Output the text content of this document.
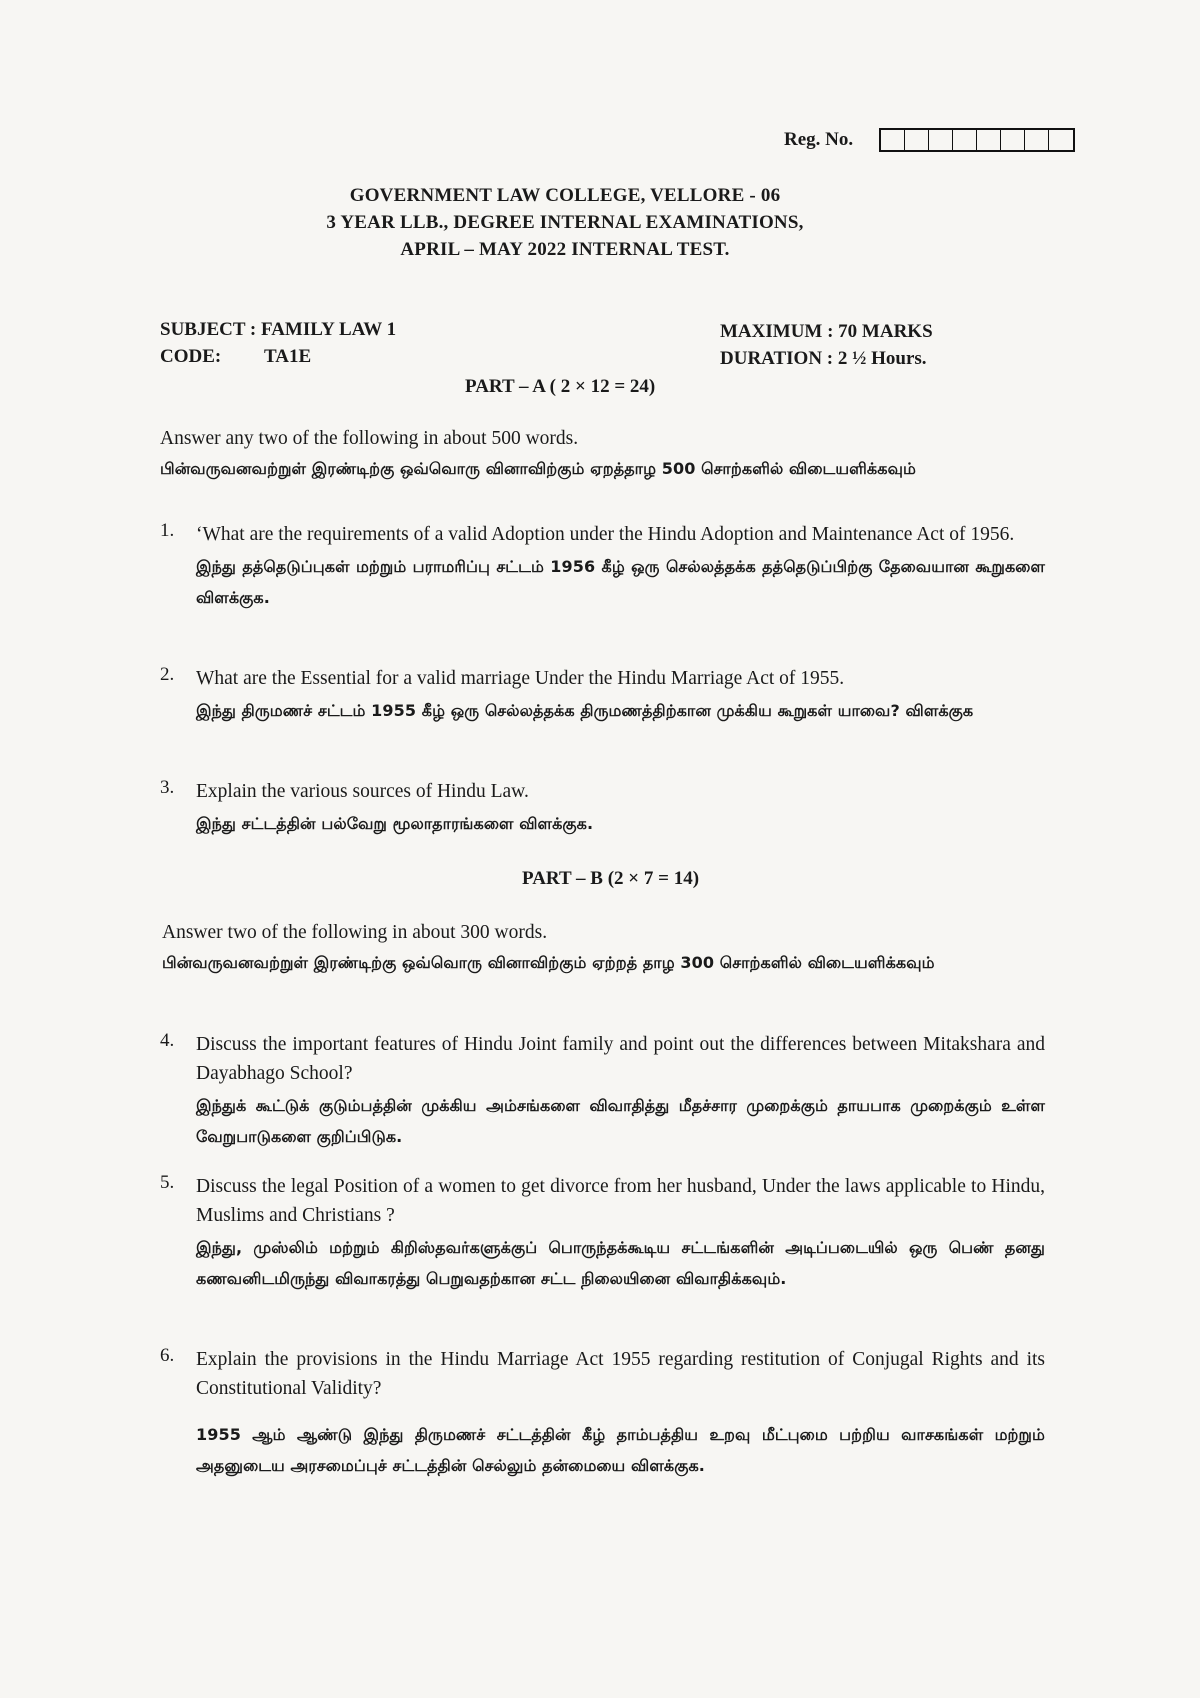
Reg. No.
GOVERNMENT LAW COLLEGE, VELLORE - 06
3 YEAR LLB., DEGREE INTERNAL EXAMINATIONS,
APRIL – MAY 2022 INTERNAL TEST.
SUBJECT : FAMILY LAW 1
CODE:	TA1E
MAXIMUM : 70 MARKS
DURATION : 2 ½ Hours.
PART – A ( 2 × 12 = 24)
Answer any two of the following in about 500 words.
பின்வருவனவற்றுள் இரண்டிற்கு ஒவ்வொரு வினாவிற்கும் ஏறத்தாழ 500 சொற்களில் விடையளிக்கவும்
1. ‘What are the requirements of a valid Adoption under the Hindu Adoption and Maintenance Act of 1956.
இந்து தத்தெடுப்புகள் மற்றும் பராமரிப்பு சட்டம் 1956 கீழ் ஒரு செல்லத்தக்க தத்தெடுப்பிற்கு தேவையான கூறுகளை விளக்குக.
2. What are the Essential for a valid marriage Under the Hindu Marriage Act of 1955.
இந்து திருமணச் சட்டம் 1955 கீழ் ஒரு செல்லத்தக்க திருமணத்திற்கான முக்கிய கூறுகள் யாவை? விளக்குக
3. Explain the various sources of Hindu Law.
இந்து சட்டத்தின் பல்வேறு மூலாதாரங்களை விளக்குக.
PART – B (2 × 7 = 14)
Answer two of the following in about 300 words.
பின்வருவனவற்றுள் இரண்டிற்கு ஒவ்வொரு வினாவிற்கும் ஏற்றத் தாழ 300 சொற்களில் விடையளிக்கவும்
4. Discuss the important features of Hindu Joint family and point out the differences between Mitakshara and Dayabhago School?
இந்துக் கூட்டுக் குடும்பத்தின் முக்கிய அம்சங்களை விவாதித்து மீதச்சார முறைக்கும் தாயபாக முறைக்கும் உள்ள வேறுபாடுகளை குறிப்பிடுக.
5. Discuss the legal Position of a women to get divorce from her husband, Under the laws applicable to Hindu, Muslims and Christians ?
இந்து, முஸ்லிம் மற்றும் கிறிஸ்தவர்களுக்குப் பொருந்தக்கூடிய சட்டங்களின் அடிப்படையில் ஒரு பெண் தனது கணவனிடமிருந்து விவாகரத்து பெறுவதற்கான சட்ட நிலையினை விவாதிக்கவும்.
6. Explain the provisions in the Hindu Marriage Act 1955 regarding restitution of Conjugal Rights and its Constitutional Validity?
1955 ஆம் ஆண்டு இந்து திருமணச் சட்டத்தின் கீழ் தாம்பத்திய உறவு மீட்புமை பற்றிய வாசகங்கள் மற்றும் அதனுடைய அரசமைப்புச் சட்டத்தின் செல்லும் தன்மையை விளக்குக.
